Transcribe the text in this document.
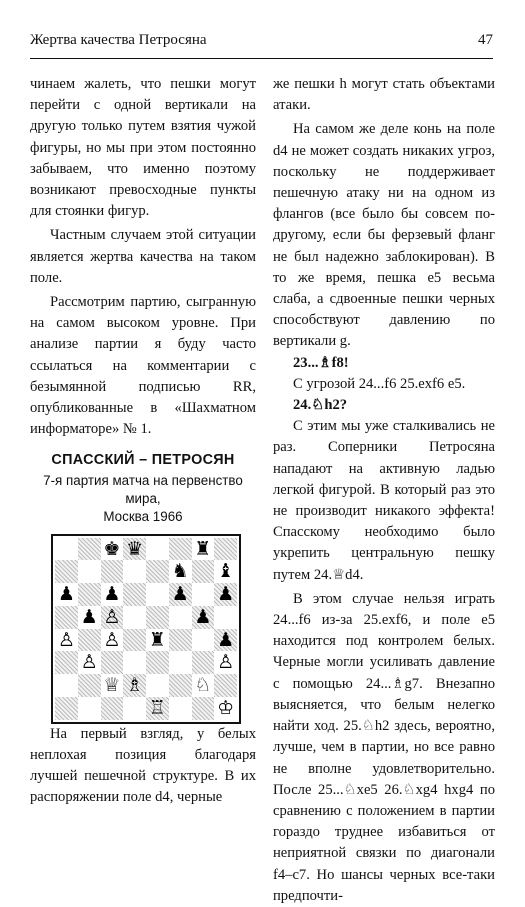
Жертва качества Петросяна	47

чинаем жалеть, что пешки могут перейти с одной вертикали на другую только путем взятия чужой фигуры, но мы при этом постоянно забываем, что именно поэтому возникают превосходные пункты для стоянки фигур.

Частным случаем этой ситуации является жертва качества на таком поле.

Рассмотрим партию, сыгранную на самом высоком уровне. При анализе партии я буду часто ссылаться на комментарии с безымянной подписью RR, опубликованные в «Шахматном информаторе» № 1.

СПАССКИЙ – ПЕТРОСЯН
7-я партия матча на первенство мира,
Москва 1966
♚ ♛	♜
♞ ♝
♟ ♟	♟ ♟
♟ ♙	♟
♙ ♙ ♜	♟
♙	♙
♕ ♗	♘
♖	♔

На первый взгляд, у белых неплохая позиция благодаря лучшей пешечной структуре. В их распоряжении поле d4, черные

же пешки h могут стать объектами атаки.

На самом же деле конь на поле d4 не может создать никаких угроз, поскольку не поддерживает пешечную атаку ни на одном из флангов (все было бы совсем по-другому, если бы ферзевый фланг не был надежно заблокирован). В то же время, пешка e5 весьма слаба, а сдвоенные пешки черных способствуют давлению по вертикали g.

23...♗f8!

С угрозой 24...f6 25.exf6 e5.

24.♘h2?

С этим мы уже сталкивались не раз. Соперники Петросяна нападают на активную ладью легкой фигурой. В который раз это не производит никакого эффекта! Спасскому необходимо было укрепить центральную пешку путем 24.♕d4.

В этом случае нельзя играть 24...f6 из-за 25.exf6, и поле e5 находится под контролем белых. Черные могли усиливать давление с помощью 24...♗g7. Внезапно выясняется, что белым нелегко найти ход. 25.♘h2 здесь, вероятно, лучше, чем в партии, но все равно не вполне удовлетворительно. После 25...♘xe5 26.♘xg4 hxg4 по сравнению с положением в партии гораздо труднее избавиться от неприятной связки по диагонали f4–c7. Но шансы черных все-таки предпочти-
